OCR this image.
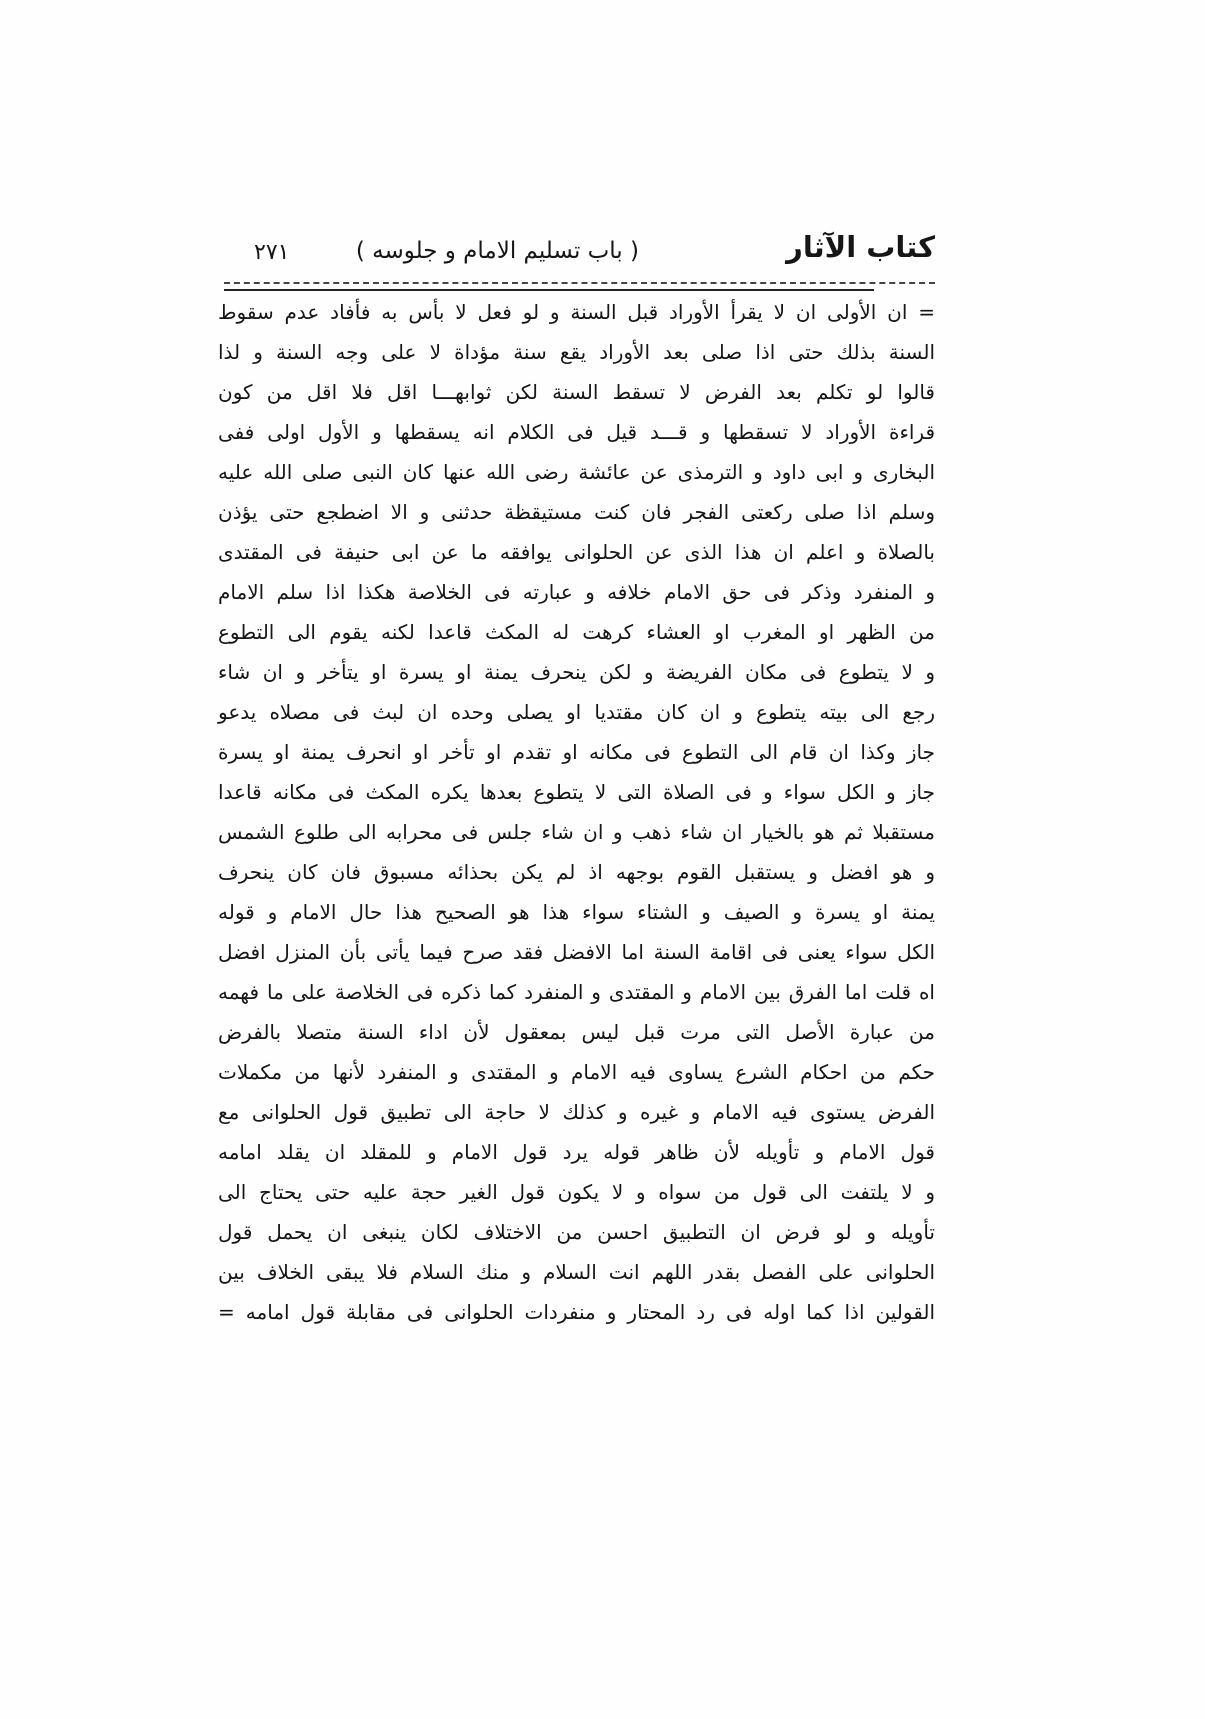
كتاب الآثار
( باب تسليم الامام و جلوسه )
٢٧١
= ان الأولى ان لا يقرأ الأوراد قبل السنة و لو فعل لا بأس به فأفاد عدم سقوط
السنة بذلك حتى اذا صلى بعد الأوراد يقع سنة مؤداة لا على وجه السنة و لذا
قالوا لو تكلم بعد الفرض لا تسقط السنة لكن ثوابهـــا اقل فلا اقل من كون
قراءة الأوراد لا تسقطها و قـــد قيل فى الكلام انه يسقطها و الأول اولى ففى
البخارى و ابى داود و الترمذى عن عائشة رضى الله عنها كان النبى صلى الله عليه
وسلم اذا صلى ركعتى الفجر فان كنت مستيقظة حدثنى و الا اضطجع حتى يؤذن
بالصلاة و اعلم ان هذا الذى عن الحلوانى يوافقه ما عن ابى حنيفة فى المقتدى
و المنفرد وذكر فى حق الامام خلافه و عبارته فى الخلاصة هكذا اذا سلم الامام
من الظهر او المغرب او العشاء كرهت له المكث قاعدا لكنه يقوم الى التطوع
و لا يتطوع فى مكان الفريضة و لكن ينحرف يمنة او يسرة او يتأخر و ان شاء
رجع الى بيته يتطوع و ان كان مقتديا او يصلى وحده ان لبث فى مصلاه يدعو
جاز وكذا ان قام الى التطوع فى مكانه او تقدم او تأخر او انحرف يمنة او يسرة
جاز و الكل سواء و فى الصلاة التى لا يتطوع بعدها يكره المكث فى مكانه قاعدا
مستقبلا ثم هو بالخيار ان شاء ذهب و ان شاء جلس فى محرابه الى طلوع الشمس
و هو افضل و يستقبل القوم بوجهه اذ لم يكن بحذائه مسبوق فان كان ينحرف
يمنة او يسرة و الصيف و الشتاء سواء هذا هو الصحيح هذا حال الامام و قوله
الكل سواء يعنى فى اقامة السنة اما الافضل فقد صرح فيما يأتى بأن المنزل افضل
اه قلت اما الفرق بين الامام و المقتدى و المنفرد كما ذكره فى الخلاصة على ما فهمه
من عبارة الأصل التى مرت قبل ليس بمعقول لأن اداء السنة متصلا بالفرض
حكم من احكام الشرع يساوى فيه الامام و المقتدى و المنفرد لأنها من مكملات
الفرض يستوى فيه الامام و غيره و كذلك لا حاجة الى تطبيق قول الحلوانى مع
قول الامام و تأويله لأن ظاهر قوله يرد قول الامام و للمقلد ان يقلد امامه
و لا يلتفت الى قول من سواه و لا يكون قول الغير حجة عليه حتى يحتاج الى
تأويله و لو فرض ان التطبيق احسن من الاختلاف لكان ينبغى ان يحمل قول
الحلوانى على الفصل بقدر اللهم انت السلام و منك السلام فلا يبقى الخلاف بين
القولين اذا كما اوله فى رد المحتار و منفردات الحلوانى فى مقابلة قول امامه =
